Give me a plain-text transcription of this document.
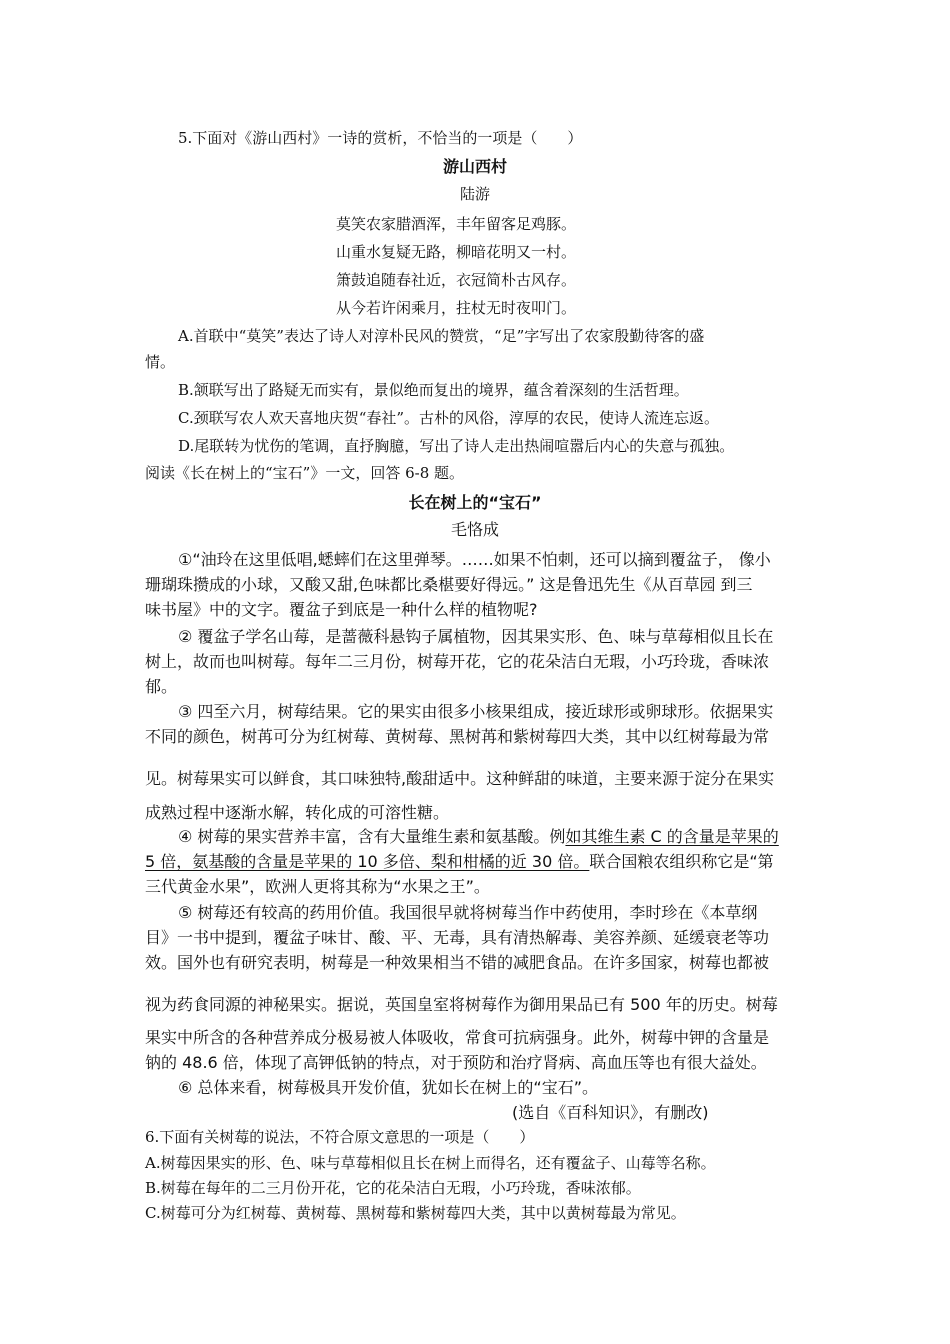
5.下面对《游山西村》一诗的赏析，不恰当的一项是（　　）
游山西村
陆游
莫笑农家腊酒浑，丰年留客足鸡豚。
山重水复疑无路，柳暗花明又一村。
箫鼓追随春社近，衣冠简朴古风存。
从今若许闲乘月，拄杖无时夜叩门。
A.首联中“莫笑”表达了诗人对淳朴民风的赞赏，“足”字写出了农家殷勤待客的盛
情。
B.颔联写出了路疑无而实有，景似绝而复出的境界，蕴含着深刻的生活哲理。
C.颈联写农人欢天喜地庆贺“春社”。古朴的风俗，淳厚的农民，使诗人流连忘返。
D.尾联转为忧伤的笔调，直抒胸臆，写出了诗人走出热闹喧嚣后内心的失意与孤独。
阅读《长在树上的“宝石”》一文，回答 6-8 题。
长在树上的“宝石”
毛恪成
①“油玲在这里低唱,蟋蟀们在这里弹琴。……如果不怕刺，还可以摘到覆盆子， 像小
珊瑚珠攒成的小球，又酸又甜,色味都比桑椹要好得远。” 这是鲁迅先生《从百草园 到三
味书屋》中的文字。覆盆子到底是一种什么样的植物呢?
② 覆盆子学名山莓，是蔷薇科悬钩子属植物，因其果实形、色、味与草莓相似且长在
树上，故而也叫树莓。每年二三月份，树莓开花，它的花朵洁白无瑕，小巧玲珑，香味浓
郁。
③ 四至六月，树莓结果。它的果实由很多小核果组成，接近球形或卵球形。依据果实
不同的颜色，树苒可分为红树莓、黄树莓、黑树苒和紫树莓四大类，其中以红树莓最为常
见。树莓果实可以鲜食，其口味独特,酸甜适中。这种鲜甜的味道，主要来源于淀分在果实
成熟过程中逐渐水解，转化成的可溶性糖。
④ 树莓的果实营养丰富，含有大量维生素和氨基酸。例如其维生素 C 的含量是苹果的
5 倍，氨基酸的含量是苹果的 10 多倍、梨和柑橘的近 30 倍。联合国粮农组织称它是“第
三代黄金水果”，欧洲人更将其称为“水果之王”。
⑤ 树莓还有较高的药用价值。我国很早就将树莓当作中药使用，李时珍在《本草纲
目》一书中提到，覆盆子味甘、酸、平、无毒，具有清热解毒、美容养颜、延缓衰老等功
效。国外也有研究表明，树莓是一种效果相当不错的减肥食品。在许多国家，树莓也都被
视为药食同源的神秘果实。据说，英国皇室将树莓作为御用果品已有 500 年的历史。树莓
果实中所含的各种营养成分极易被人体吸收，常食可抗病强身。此外，树莓中钾的含量是
钠的 48.6 倍，体现了高钾低钠的特点，对于预防和治疗肾病、高血压等也有很大益处。
⑥ 总体来看，树莓极具开发价值，犹如长在树上的“宝石”。
(选自《百科知识》，有删改)
6.下面有关树莓的说法，不符合原文意思的一项是（　　）
A.树莓因果实的形、色、味与草莓相似且长在树上而得名，还有覆盆子、山莓等名称。
B.树莓在每年的二三月份开花，它的花朵洁白无瑕，小巧玲珑，香味浓郁。
C.树莓可分为红树莓、黄树莓、黑树莓和紫树莓四大类，其中以黄树莓最为常见。
